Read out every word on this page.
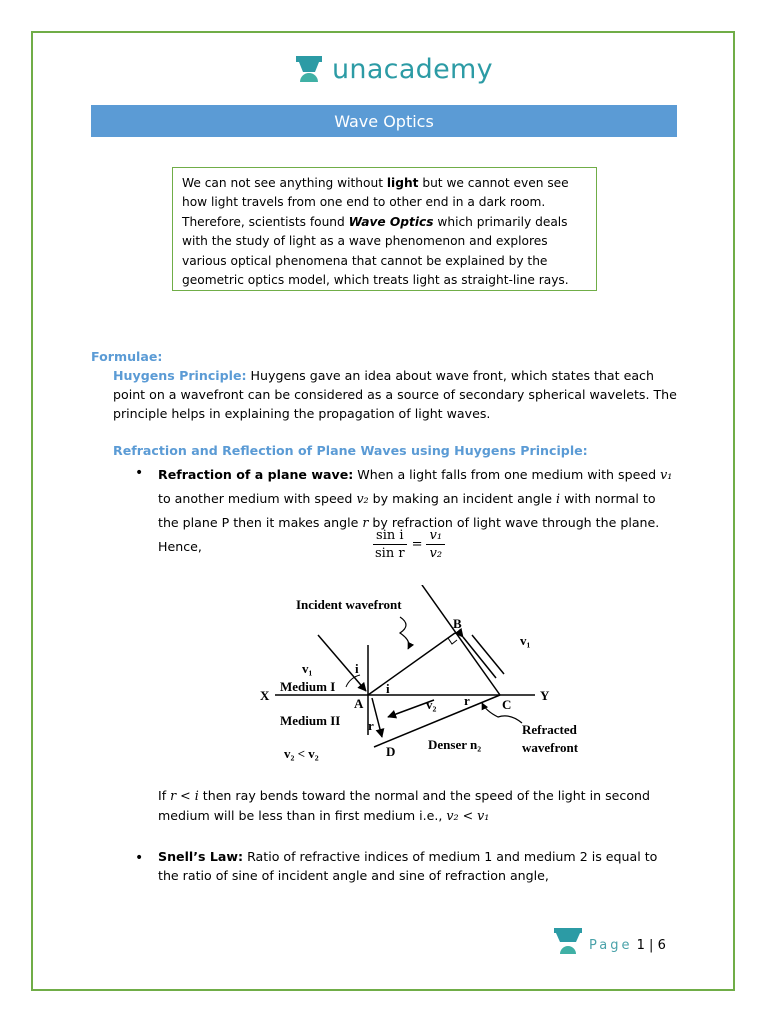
unacademy
Wave Optics
We can not see anything without light but we cannot even see how light travels from one end to other end in a dark room. Therefore, scientists found Wave Optics which primarily deals with the study of light as a wave phenomenon and explores various optical phenomena that cannot be explained by the geometric optics model, which treats light as straight-line rays.
Formulae:
Huygens Principle: Huygens gave an idea about wave front, which states that each point on a wavefront can be considered as a source of secondary spherical wavelets. The principle helps in explaining the propagation of light waves.
Refraction and Reflection of Plane Waves using Huygens Principle:
• Refraction of a plane wave: When a light falls from one medium with speed v₁ to another medium with speed v₂ by making an incident angle i with normal to the plane P then it makes angle r by refraction of light wave through the plane. Hence,	$\frac{\text{sin i}}{\text{sin r}} = \frac{\text{v₁}}{\text{v₂}}$
Incident wavefront
B
v₁
v₁	i
X
Medium I
A
i
v₂ r C
Y
Medium II r	Refracted
wavefront
v₂ < v₂	D	Denser n₂
If r < i then ray bends toward the normal and the speed of the light in second medium will be less than in first medium i.e., v₂ < v₁
• Snell’s Law: Ratio of refractive indices of medium 1 and medium 2 is equal to the ratio of sine of incident angle and sine of refraction angle,
Page 1 | 6
